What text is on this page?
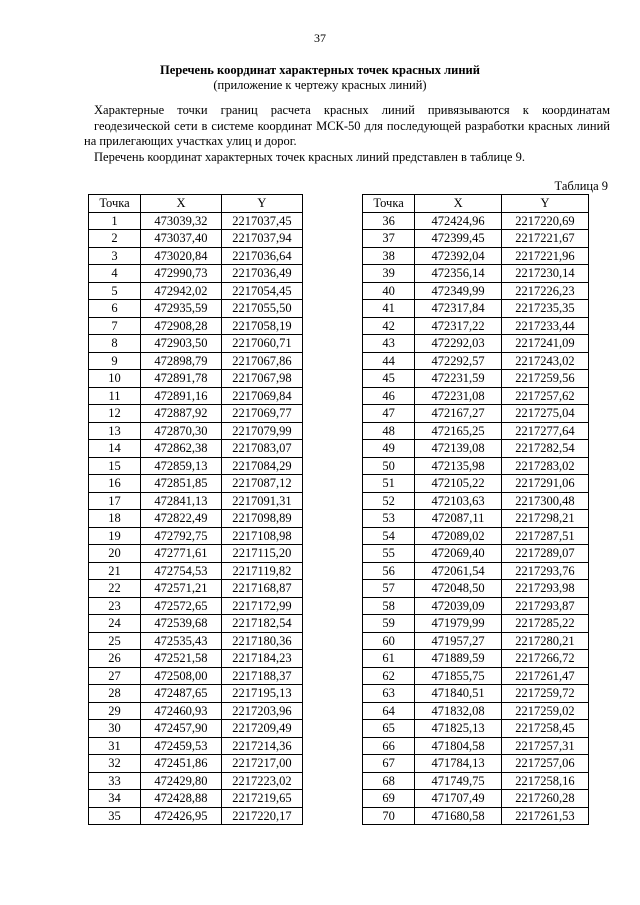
37
Перечень координат характерных точек красных линий
(приложение к чертежу красных линий)
Характерные точки границ расчета красных линий привязываются к координатам
геодезической сети в системе координат МСК-50 для последующей разработки красных линий на прилегающих участках улиц и дорог.
Перечень координат характерных точек красных линий представлен в таблице 9.
Таблица 9
Точка	X	Y
1	473039,32	2217037,45
2	473037,40	2217037,94
3	473020,84	2217036,64
4	472990,73	2217036,49
5	472942,02	2217054,45
6	472935,59	2217055,50
7	472908,28	2217058,19
8	472903,50	2217060,71
9	472898,79	2217067,86
10	472891,78	2217067,98
11	472891,16	2217069,84
12	472887,92	2217069,77
13	472870,30	2217079,99
14	472862,38	2217083,07
15	472859,13	2217084,29
16	472851,85	2217087,12
17	472841,13	2217091,31
18	472822,49	2217098,89
19	472792,75	2217108,98
20	472771,61	2217115,20
21	472754,53	2217119,82
22	472571,21	2217168,87
23	472572,65	2217172,99
24	472539,68	2217182,54
25	472535,43	2217180,36
26	472521,58	2217184,23
27	472508,00	2217188,37
28	472487,65	2217195,13
29	472460,93	2217203,96
30	472457,90	2217209,49
31	472459,53	2217214,36
32	472451,86	2217217,00
33	472429,80	2217223,02
34	472428,88	2217219,65
35	472426,95	2217220,17
Точка	X	Y
36	472424,96	2217220,69
37	472399,45	2217221,67
38	472392,04	2217221,96
39	472356,14	2217230,14
40	472349,99	2217226,23
41	472317,84	2217235,35
42	472317,22	2217233,44
43	472292,03	2217241,09
44	472292,57	2217243,02
45	472231,59	2217259,56
46	472231,08	2217257,62
47	472167,27	2217275,04
48	472165,25	2217277,64
49	472139,08	2217282,54
50	472135,98	2217283,02
51	472105,22	2217291,06
52	472103,63	2217300,48
53	472087,11	2217298,21
54	472089,02	2217287,51
55	472069,40	2217289,07
56	472061,54	2217293,76
57	472048,50	2217293,98
58	472039,09	2217293,87
59	471979,99	2217285,22
60	471957,27	2217280,21
61	471889,59	2217266,72
62	471855,75	2217261,47
63	471840,51	2217259,72
64	471832,08	2217259,02
65	471825,13	2217258,45
66	471804,58	2217257,31
67	471784,13	2217257,06
68	471749,75	2217258,16
69	471707,49	2217260,28
70	471680,58	2217261,53
